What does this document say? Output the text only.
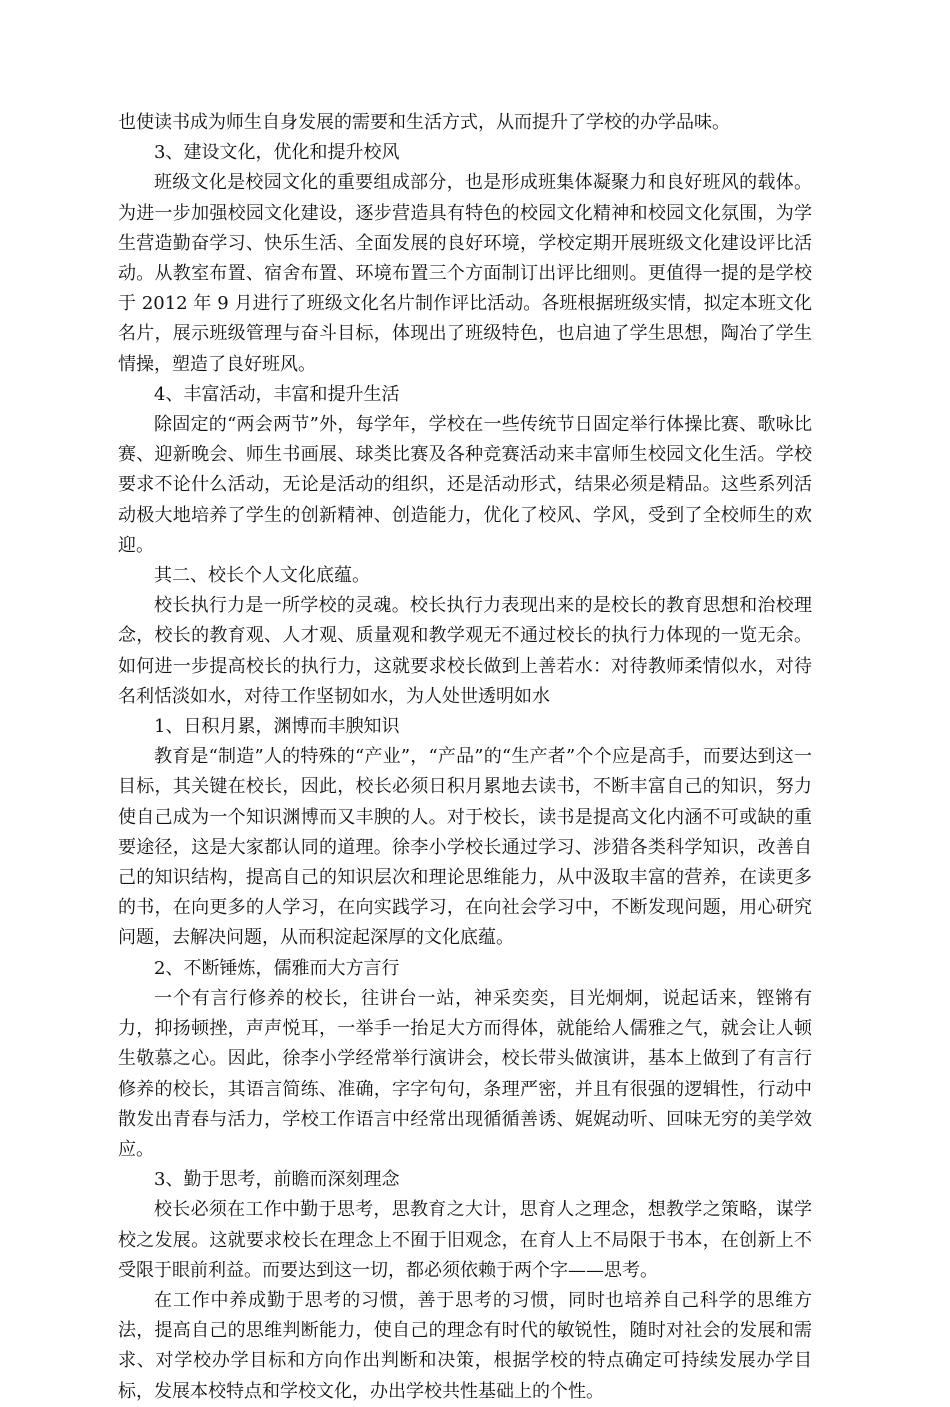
也使读书成为师生自身发展的需要和生活方式，从而提升了学校的办学品味。

3、建设文化，优化和提升校风

班级文化是校园文化的重要组成部分，也是形成班集体凝聚力和良好班风的载体。为进一步加强校园文化建设，逐步营造具有特色的校园文化精神和校园文化氛围，为学生营造勤奋学习、快乐生活、全面发展的良好环境，学校定期开展班级文化建设评比活动。从教室布置、宿舍布置、环境布置三个方面制订出评比细则。更值得一提的是学校于 2012 年 9 月进行了班级文化名片制作评比活动。各班根据班级实情，拟定本班文化名片，展示班级管理与奋斗目标，体现出了班级特色，也启迪了学生思想，陶冶了学生情操，塑造了良好班风。

4、丰富活动，丰富和提升生活

除固定的“两会两节”外，每学年，学校在一些传统节日固定举行体操比赛、歌咏比赛、迎新晚会、师生书画展、球类比赛及各种竞赛活动来丰富师生校园文化生活。学校要求不论什么活动，无论是活动的组织，还是活动形式，结果必须是精品。这些系列活动极大地培养了学生的创新精神、创造能力，优化了校风、学风，受到了全校师生的欢迎。

其二、校长个人文化底蕴。

校长执行力是一所学校的灵魂。校长执行力表现出来的是校长的教育思想和治校理念，校长的教育观、人才观、质量观和教学观无不通过校长的执行力体现的一览无余。如何进一步提高校长的执行力，这就要求校长做到上善若水：对待教师柔情似水，对待名利恬淡如水，对待工作坚韧如水，为人处世透明如水

1、日积月累，渊博而丰腴知识

教育是“制造”人的特殊的“产业”，“产品”的“生产者”个个应是高手，而要达到这一目标，其关键在校长，因此，校长必须日积月累地去读书，不断丰富自己的知识，努力使自己成为一个知识渊博而又丰腴的人。对于校长，读书是提高文化内涵不可或缺的重要途径，这是大家都认同的道理。徐李小学校长通过学习、涉猎各类科学知识，改善自己的知识结构，提高自己的知识层次和理论思维能力，从中汲取丰富的营养，在读更多的书，在向更多的人学习，在向实践学习，在向社会学习中，不断发现问题，用心研究问题，去解决问题，从而积淀起深厚的文化底蕴。

2、不断锤炼，儒雅而大方言行

一个有言行修养的校长，往讲台一站，神采奕奕，目光炯炯，说起话来，铿锵有力，抑扬顿挫，声声悦耳，一举手一抬足大方而得体，就能给人儒雅之气，就会让人顿生敬慕之心。因此，徐李小学经常举行演讲会，校长带头做演讲，基本上做到了有言行修养的校长，其语言简练、准确，字字句句，条理严密，并且有很强的逻辑性，行动中散发出青春与活力，学校工作语言中经常出现循循善诱、娓娓动听、回味无穷的美学效应。

3、勤于思考，前瞻而深刻理念

校长必须在工作中勤于思考，思教育之大计，思育人之理念，想教学之策略，谋学校之发展。这就要求校长在理念上不囿于旧观念，在育人上不局限于书本，在创新上不受限于眼前利益。而要达到这一切，都必须依赖于两个字——思考。

在工作中养成勤于思考的习惯，善于思考的习惯，同时也培养自己科学的思维方法，提高自己的思维判断能力，使自己的理念有时代的敏锐性，随时对社会的发展和需求、对学校办学目标和方向作出判断和决策，根据学校的特点确定可持续发展办学目标，发展本校特点和学校文化，办出学校共性基础上的个性。
